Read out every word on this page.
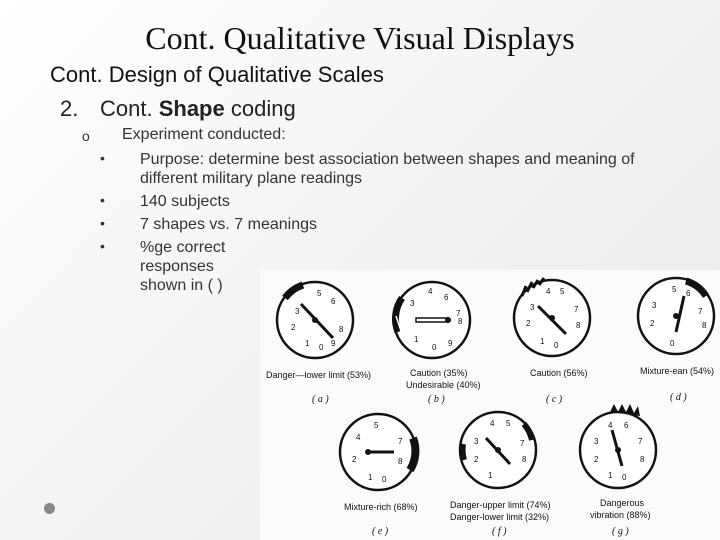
Cont. Qualitative Visual Displays
Cont. Design of Qualitative Scales
2. Cont. Shape coding
o Experiment conducted:
• Purpose: determine best association between shapes and meaning of
different military plane readings
• 140 subjects
• 7 shapes vs. 7 meanings
• %ge correct
responses
shown in ( )	5
6
3
2	8
1 0 9
Danger—lower limit (53%)
( a )
4
3
6
7
8
1
0 9
Caution (35%)
Undesirable (40%)
( b )
4 5
3
2
7
8
1 0
Caution (56%)
( c )
5 6
3
2
7
8
0
Mixture-ean (54%)
( d )
5
4	7
2	8
1 0
Mixture-rich (68%)
( e )
4 5
3
2
7
8
1
Danger-upper limit (74%)
Danger-lower limit (32%)
( f )
4 6
3	7
2	8
1 0
Dangerous
vibration (88%)
( g )
